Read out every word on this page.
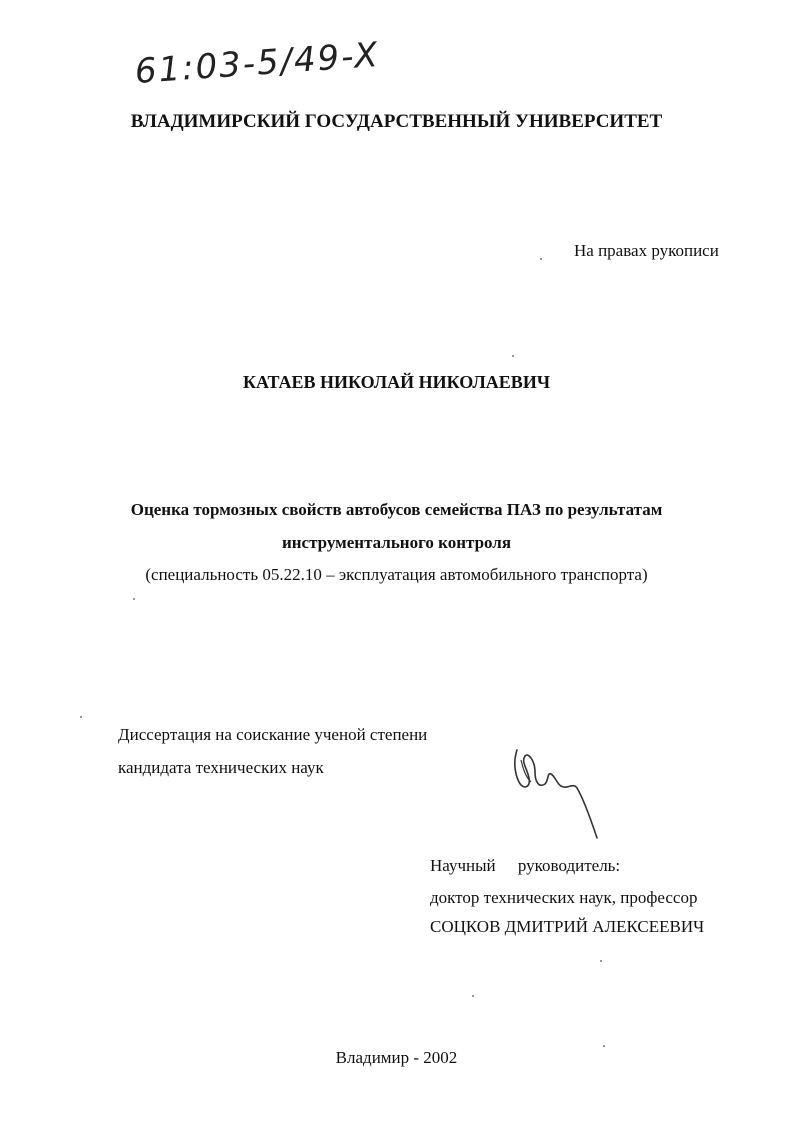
61:03-5/49-X
ВЛАДИМИРСКИЙ ГОСУДАРСТВЕННЫЙ УНИВЕРСИТЕТ
На правах рукописи
КАТАЕВ НИКОЛАЙ НИКОЛАЕВИЧ
Оценка тормозных свойств автобусов семейства ПАЗ по результатам
инструментального контроля
(специальность 05.22.10 – эксплуатация автомобильного транспорта)
Диссертация на соискание ученой степени
кандидата технических наук
Научный руководитель:
доктор технических наук, профессор
СОЦКОВ ДМИТРИЙ АЛЕКСЕЕВИЧ
Владимир - 2002
